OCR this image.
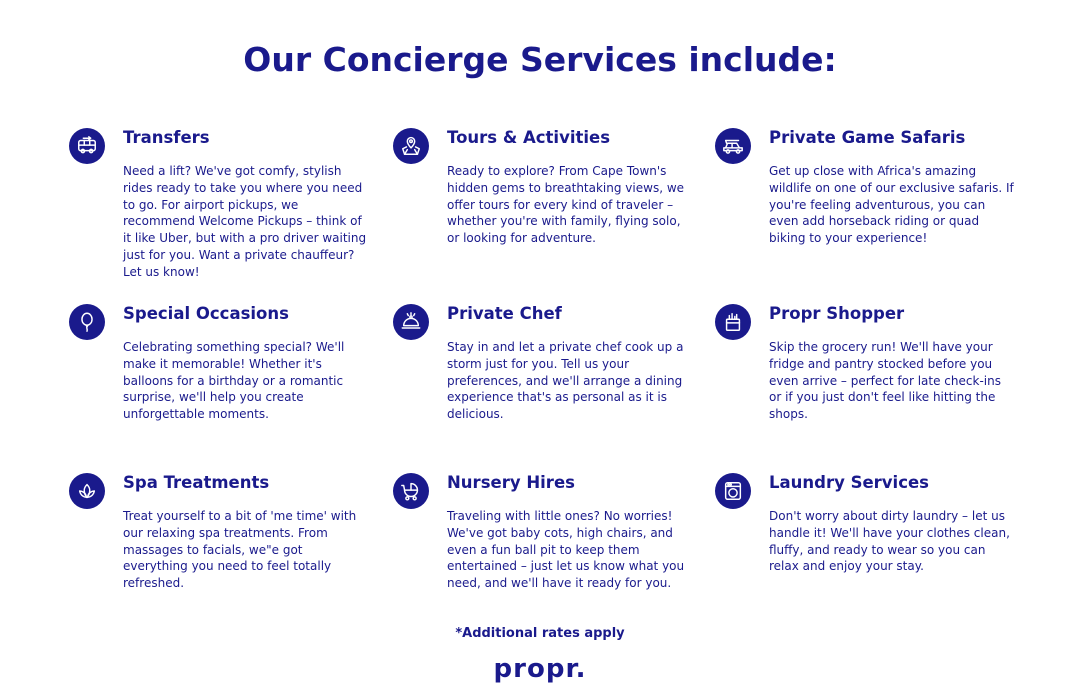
Our Concierge Services include:
Transfers

Need a lift? We've got comfy, stylish rides ready to take you where you need to go. For airport pickups, we recommend Welcome Pickups – think of it like Uber, but with a pro driver waiting just for you. Want a private chauffeur? Let us know!

Tours & Activities

Ready to explore? From Cape Town's hidden gems to breathtaking views, we offer tours for every kind of traveler – whether you're with family, flying solo, or looking for adventure.

Private Game Safaris

Get up close with Africa's amazing wildlife on one of our exclusive safaris. If you're feeling adventurous, you can even add horseback riding or quad biking to your experience!

Special Occasions

Celebrating something special? We'll make it memorable! Whether it's balloons for a birthday or a romantic surprise, we'll help you create unforgettable moments.

Private Chef

Stay in and let a private chef cook up a storm just for you. Tell us your preferences, and we'll arrange a dining experience that's as personal as it is delicious.

Propr Shopper

Skip the grocery run! We'll have your fridge and pantry stocked before you even arrive – perfect for late check-ins or if you just don't feel like hitting the shops.

Spa Treatments

Treat yourself to a bit of 'me time' with our relaxing spa treatments. From massages to facials, we"e got everything you need to feel totally refreshed.

Nursery Hires

Traveling with little ones? No worries! We've got baby cots, high chairs, and even a fun ball pit to keep them entertained – just let us know what you need, and we'll have it ready for you.

Laundry Services

Don't worry about dirty laundry – let us handle it! We'll have your clothes clean, fluffy, and ready to wear so you can relax and enjoy your stay.

*Additional rates apply
propr.
